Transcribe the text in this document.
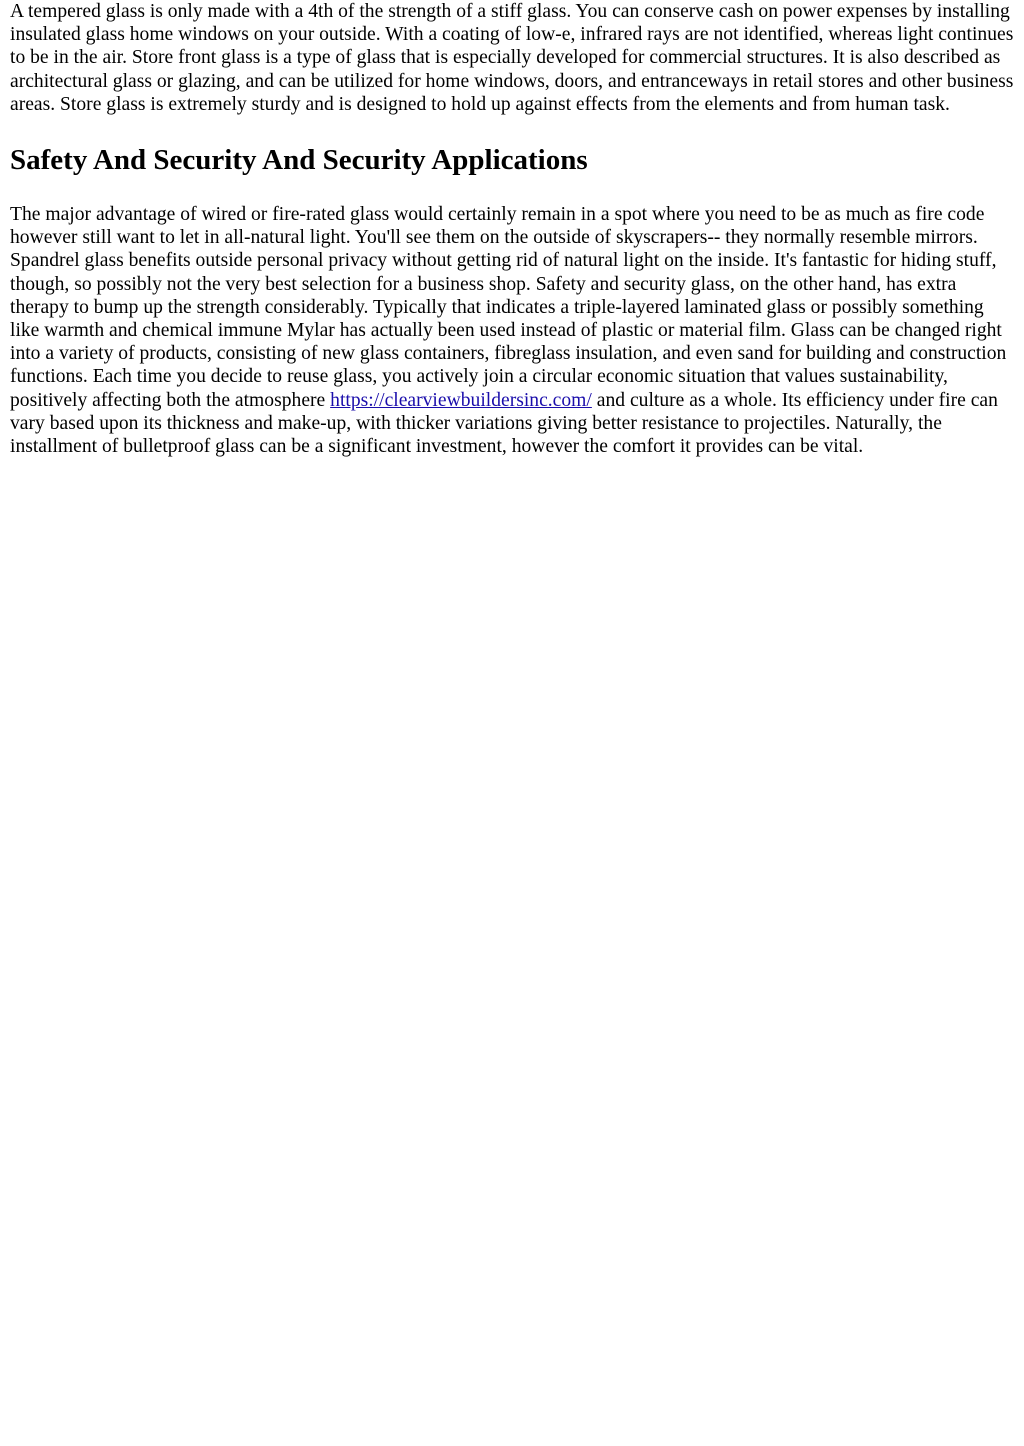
A tempered glass is only made with a 4th of the strength of a stiff glass. You can conserve cash on power expenses by installing insulated glass home windows on your outside. With a coating of low-e, infrared rays are not identified, whereas light continues to be in the air. Store front glass is a type of glass that is especially developed for commercial structures. It is also described as architectural glass or glazing, and can be utilized for home windows, doors, and entranceways in retail stores and other business areas. Store glass is extremely sturdy and is designed to hold up against effects from the elements and from human task.

Safety And Security And Security Applications

The major advantage of wired or fire-rated glass would certainly remain in a spot where you need to be as much as fire code however still want to let in all-natural light. You'll see them on the outside of skyscrapers-- they normally resemble mirrors. Spandrel glass benefits outside personal privacy without getting rid of natural light on the inside. It's fantastic for hiding stuff, though, so possibly not the very best selection for a business shop. Safety and security glass, on the other hand, has extra therapy to bump up the strength considerably. Typically that indicates a triple-layered laminated glass or possibly something like warmth and chemical immune Mylar has actually been used instead of plastic or material film. Glass can be changed right into a variety of products, consisting of new glass containers, fibreglass insulation, and even sand for building and construction functions. Each time you decide to reuse glass, you actively join a circular economic situation that values sustainability, positively affecting both the atmosphere https://clearviewbuildersinc.com/ and culture as a whole. Its efficiency under fire can vary based upon its thickness and make-up, with thicker variations giving better resistance to projectiles. Naturally, the installment of bulletproof glass can be a significant investment, however the comfort it provides can be vital.
